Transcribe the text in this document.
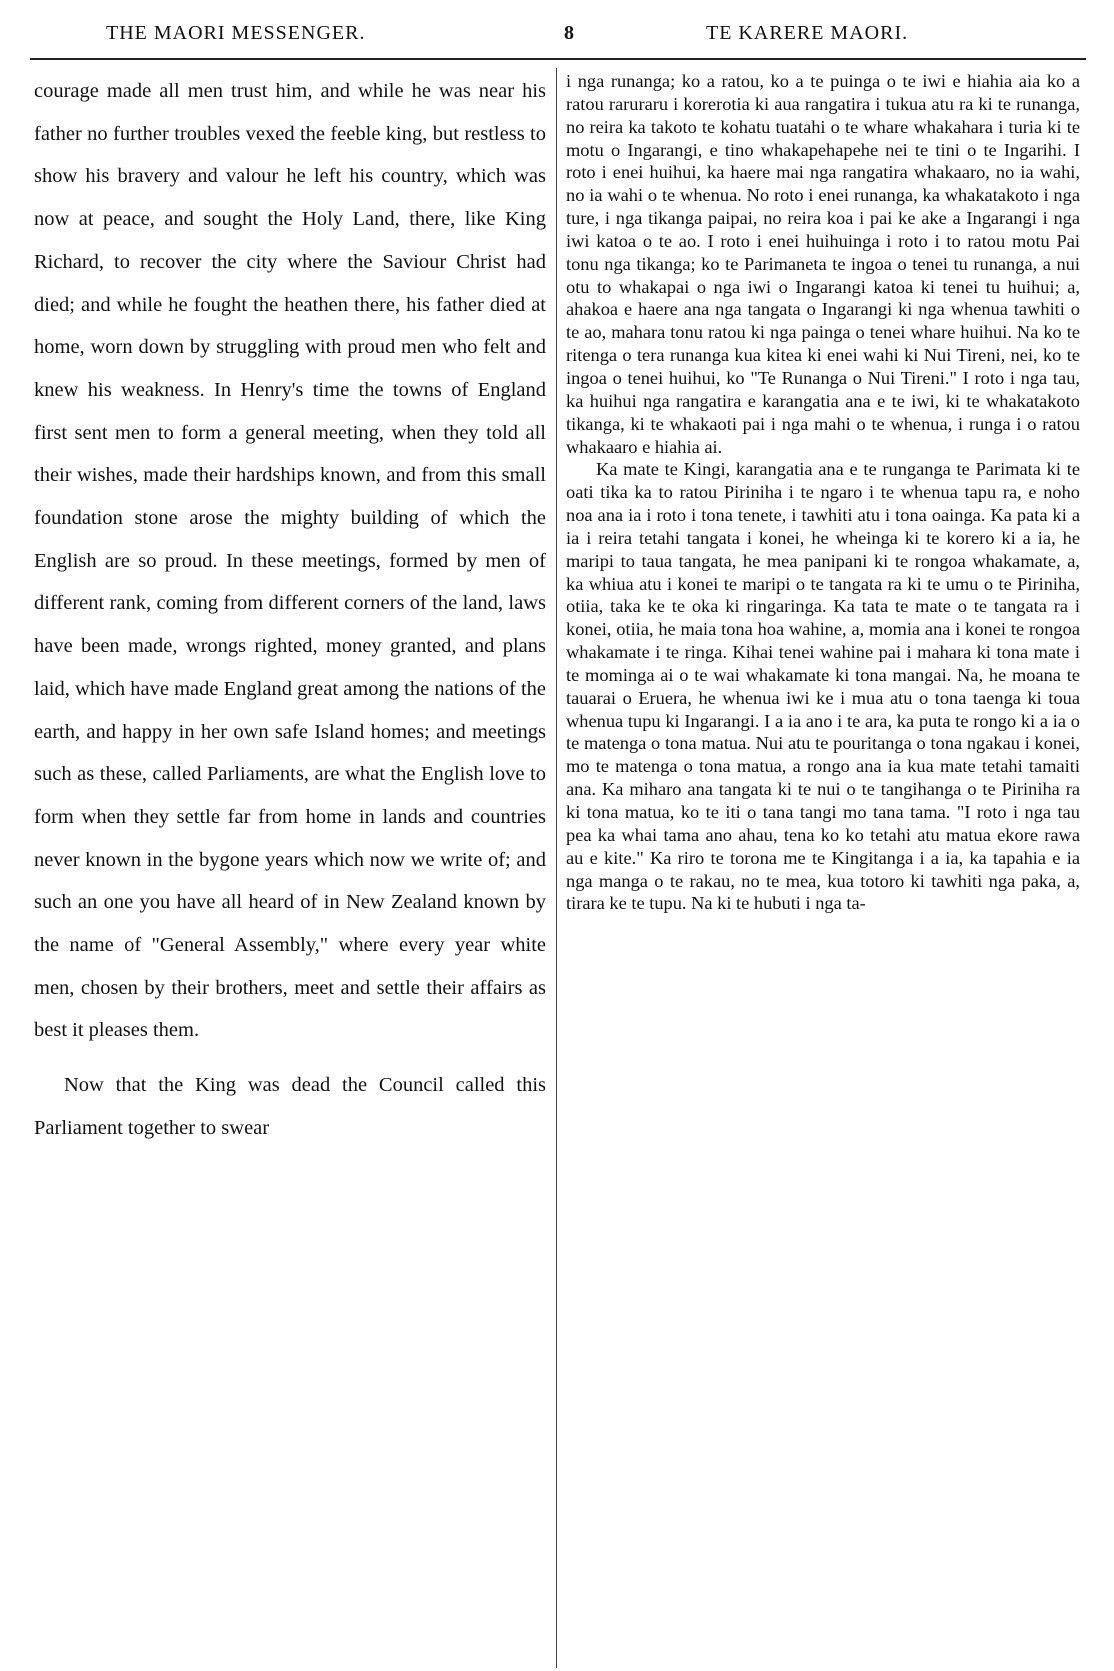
THE MAORI MESSENGER.	8	TE KARERE MAORI.

courage made all men trust him, and while he was near his father no further troubles vexed the feeble king, but restless to show his bravery and valour he left his country, which was now at peace, and sought the Holy Land, there, like King Richard, to recover the city where the Saviour Christ had died; and while he fought the heathen there, his father died at home, worn down by struggling with proud men who felt and knew his weakness. In Henry's time the towns of England first sent men to form a general meeting, when they told all their wishes, made their hardships known, and from this small foundation stone arose the mighty building of which the English are so proud. In these meetings, formed by men of different rank, coming from different corners of the land, laws have been made, wrongs righted, money granted, and plans laid, which have made England great among the nations of the earth, and happy in her own safe Island homes; and meetings such as these, called Parliaments, are what the English love to form when they settle far from home in lands and countries never known in the bygone years which now we write of; and such an one you have all heard of in New Zealand known by the name of "General Assembly," where every year white men, chosen by their brothers, meet and settle their affairs as best it pleases them.

Now that the King was dead the Council called this Parliament together to swear

i nga runanga; ko a ratou, ko a te puinga o te iwi e hiahia aia ko a ratou raruraru i korerotia ki aua rangatira i tukua atu ra ki te runanga, no reira ka takoto te kohatu tuatahi o te whare whakahara i turia ki te motu o Ingarangi, e tino whakapehapehe nei te tini o te Ingarihi. I roto i enei huihui, ka haere mai nga rangatira whakaaro, no ia wahi, no ia wahi o te whenua. No roto i enei runanga, ka whakatakoto i nga ture, i nga tikanga paipai, no reira koa i pai ke ake a Ingarangi i nga iwi katoa o te ao. I roto i enei huihuinga i roto i to ratou motu Pai tonu nga tikanga; ko te Parimaneta te ingoa o tenei tu runanga, a nui otu to whakapai o nga iwi o Ingarangi katoa ki tenei tu huihui; a, ahakoa e haere ana nga tangata o Ingarangi ki nga whenua tawhiti o te ao, mahara tonu ratou ki nga painga o tenei whare huihui. Na ko te ritenga o tera runanga kua kitea ki enei wahi ki Nui Tireni, nei, ko te ingoa o tenei huihui, ko "Te Runanga o Nui Tireni." I roto i nga tau, ka huihui nga rangatira e karangatia ana e te iwi, ki te whakatakoto tikanga, ki te whakaoti pai i nga mahi o te whenua, i runga i o ratou whakaaro e hiahia ai.

Ka mate te Kingi, karangatia ana e te runganga te Parimata ki te oati tika ka to ratou Piriniha i te ngaro i te whenua tapu ra, e noho noa ana ia i roto i tona tenete, i tawhiti atu i tona oainga. Ka pata ki a ia i reira tetahi tangata i konei, he wheinga ki te korero ki a ia, he maripi to taua tangata, he mea panipani ki te rongoa whakamate, a, ka whiua atu i konei te maripi o te tangata ra ki te umu o te Piriniha, otiia, taka ke te oka ki ringaringa. Ka tata te mate o te tangata ra i konei, otiia, he maia tona hoa wahine, a, momia ana i konei te rongoa whakamate i te ringa. Kihai tenei wahine pai i mahara ki tona mate i te mominga ai o te wai whakamate ki tona mangai. Na, he moana te tauarai o Eruera, he whenua iwi ke i mua atu o tona taenga ki toua whenua tupu ki Ingarangi. I a ia ano i te ara, ka puta te rongo ki a ia o te matenga o tona matua. Nui atu te pouritanga o tona ngakau i konei, mo te matenga o tona matua, a rongo ana ia kua mate tetahi tamaiti ana. Ka miharo ana tangata ki te nui o te tangihanga o te Piriniha ra ki tona matua, ko te iti o tana tangi mo tana tama. "I roto i nga tau pea ka whai tama ano ahau, tena ko ko tetahi atu matua ekore rawa au e kite." Ka riro te torona me te Kingitanga i a ia, ka tapahia e ia nga manga o te rakau, no te mea, kua totoro ki tawhiti nga paka, a, tirara ke te tupu. Na ki te hubuti i nga ta-
